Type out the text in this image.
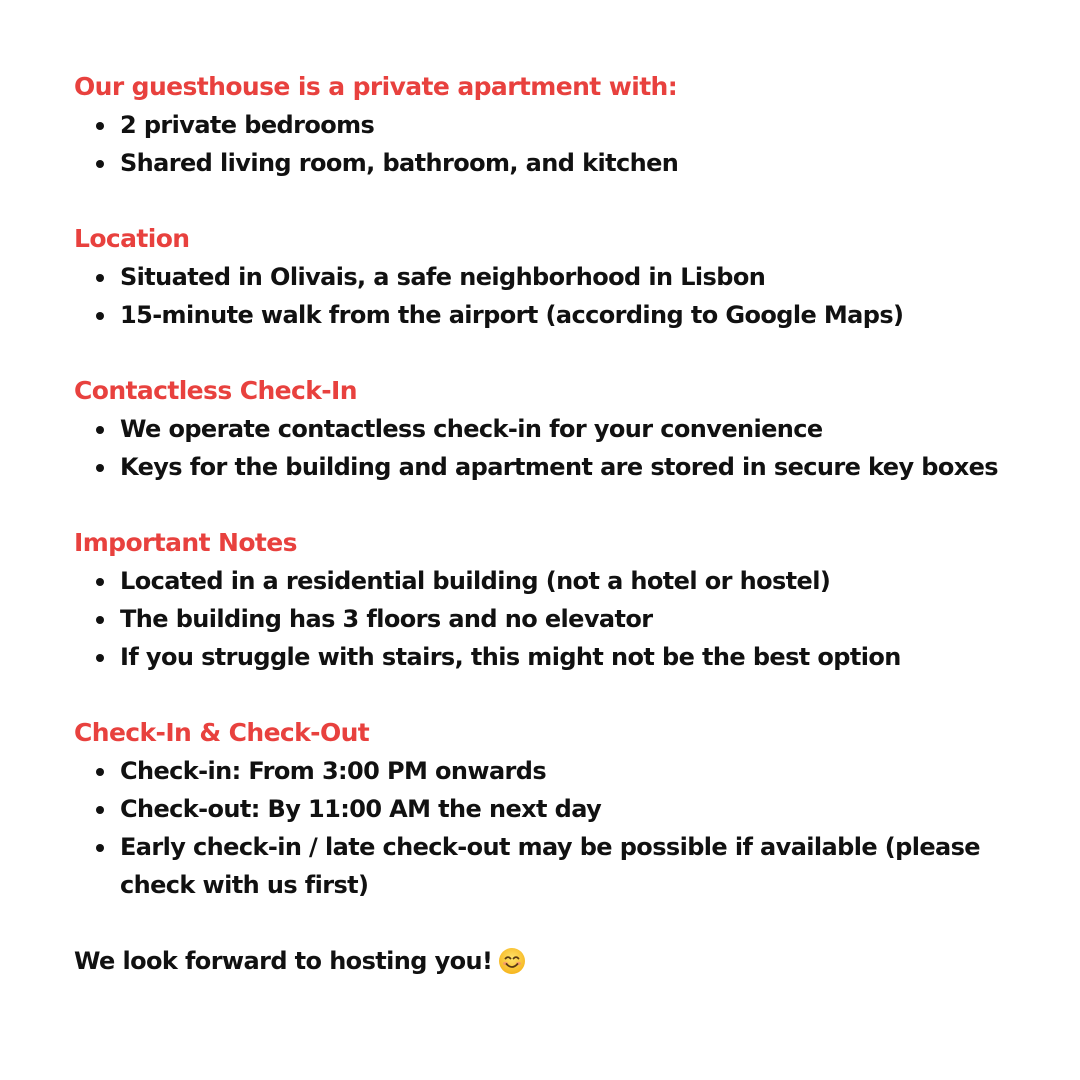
Our guesthouse is a private apartment with:

2 private bedrooms
Shared living room, bathroom, and kitchen

Location

Situated in Olivais, a safe neighborhood in Lisbon
15-minute walk from the airport (according to Google Maps)

Contactless Check-In

We operate contactless check-in for your convenience
Keys for the building and apartment are stored in secure key boxes

Important Notes

Located in a residential building (not a hotel or hostel)
The building has 3 floors and no elevator
If you struggle with stairs, this might not be the best option

Check-In & Check-Out

Check-in: From 3:00 PM onwards
Check-out: By 11:00 AM the next day
Early check-in / late check-out may be possible if available (please check with us first)

We look forward to hosting you!
